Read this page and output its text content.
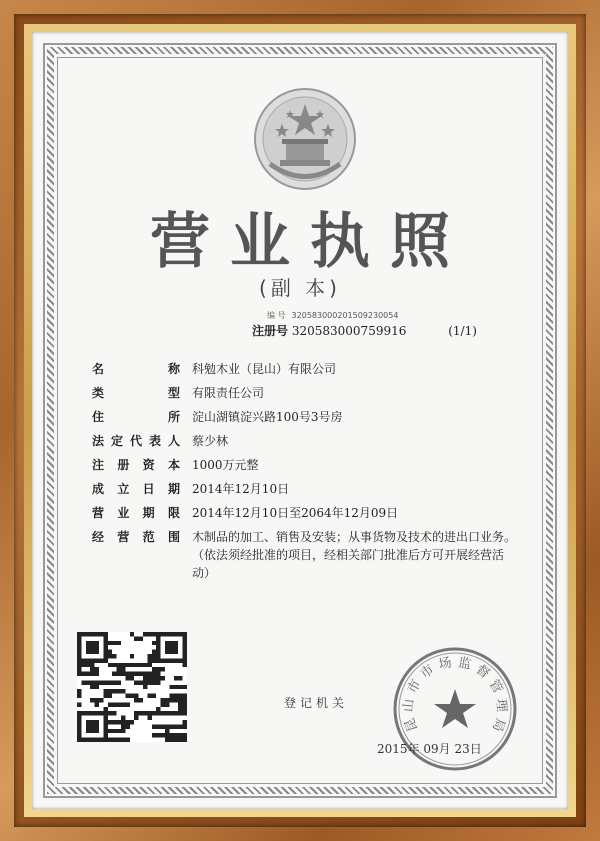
营业执照
(副 本)
编 号 320583000201509230054
注册号 320583000759916	(1/1)
名称 科勉木业（昆山）有限公司
类型 有限责任公司
住所 淀山湖镇淀兴路100号3号房
法定代表人 蔡少林
注册资本 1000万元整
成立日期 2014年12月10日
营业期限 2014年12月10日至2064年12月09日
经营范围 木制品的加工、销售及安装；从事货物及技术的进出口业务。（依法须经批准的项目，经相关部门批准后方可开展经营活动）
登记机关
昆
山
市
市 场 监 督
管
理
局
2015年 09月 23日
